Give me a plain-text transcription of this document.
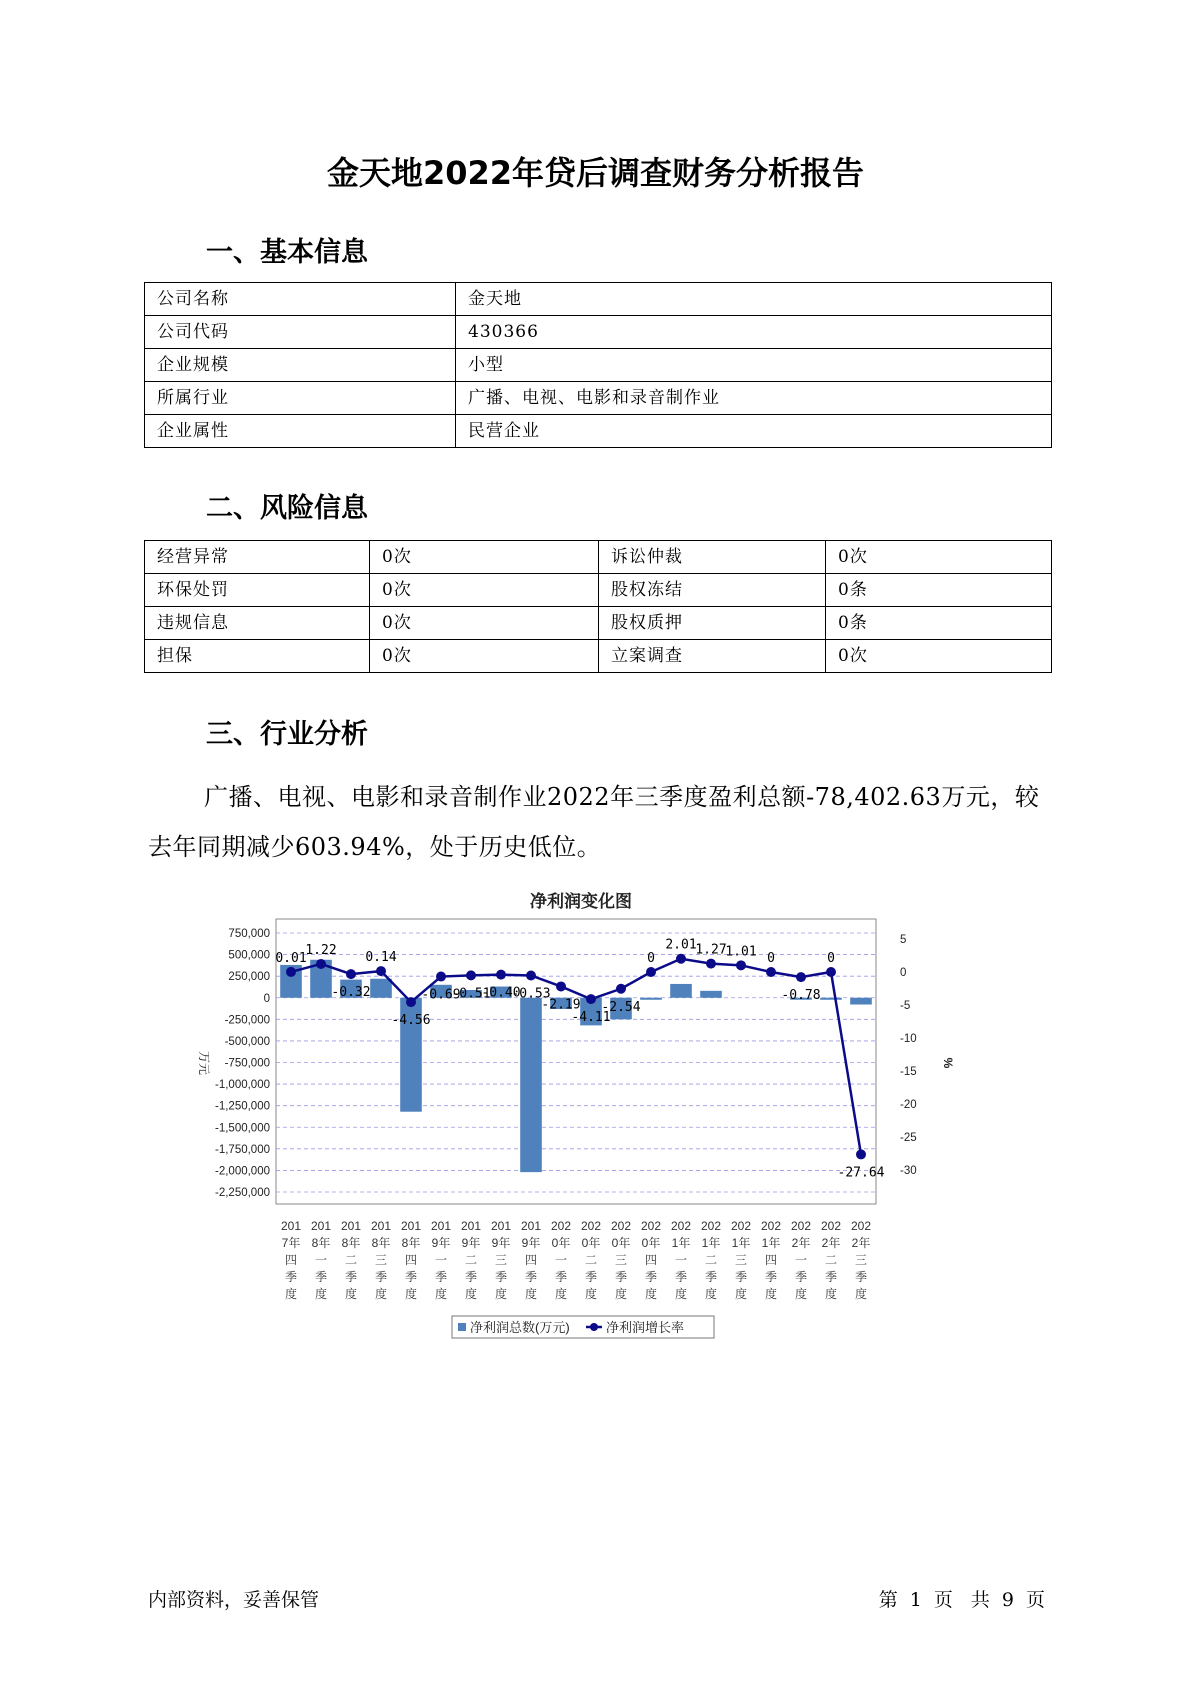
金天地2022年贷后调查财务分析报告
一、基本信息
公司名称	金天地
公司代码	430366
企业规模	小型
所属行业	广播、电视、电影和录音制作业
企业属性	民营企业
二、风险信息
经营异常	0次	诉讼仲裁	0次
环保处罚	0次	股权冻结	0条
违规信息	0次	股权质押	0条
担保	0次	立案调查	0次
三、行业分析
广播、电视、电影和录音制作业2022年三季度盈利总额-78,402.63万元，较去年同期减少603.94%，处于历史低位。
净利润变化图
750,000
500,000
250,000
0
-250,000
-500,000
-750,000
-1,000,000
-1,250,000
-1,500,000
-1,750,000
-2,000,000
-2,250,000
5
0
-5
-10
-15
-20
-25
-30
万元	%
0.01
1.22
-0.32
0.14
-4.56
-0.69
-0.51
-0.40
-0.53
-2.19
-4.11
-2.54
0
2.01
1.27
1.01 0
-0.78
0
-27.64
201
7年
四
季
度
201
8年
一
季
度
201
8年
二
季
度
201
8年
三
季
度
201
8年
四
季
度
201
9年
一
季
度
201
9年
二
季
度
201
9年
三
季
度
201
9年
四
季
度
202
0年
一
季
度
202
0年
二
季
度
202
0年
三
季
度
202
0年
四
季
度
202
1年
一
季
度
202
1年
二
季
度
202
1年
三
季
度
202
1年
四
季
度
202
2年
一
季
度
202
2年
二
季
度
202
2年
三
季
度
净利润总数(万元)	净利润增长率
内部资料，妥善保管	第 1 页 共 9 页
